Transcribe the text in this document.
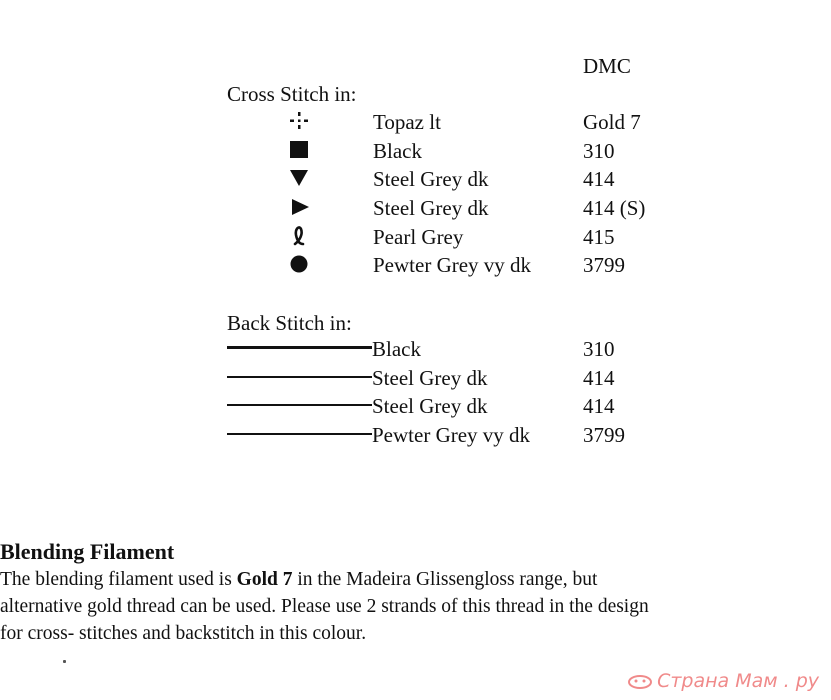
DMC
Cross Stitch in:
Topaz lt	Gold 7
Black	310
Steel Grey dk	414
Steel Grey dk	414 (S)
Pearl Grey	415
Pewter Grey vy dk 3799
Back Stitch in:
Black	310
Steel Grey dk	414
Steel Grey dk	414
Pewter Grey vy dk	3799
Blending Filament
The blending filament used is Gold 7 in the Madeira Glissengloss range, but
alternative gold thread can be used. Please use 2 strands of this thread in the design
for cross- stitches and backstitch in this colour.
Страна Мам . ру
